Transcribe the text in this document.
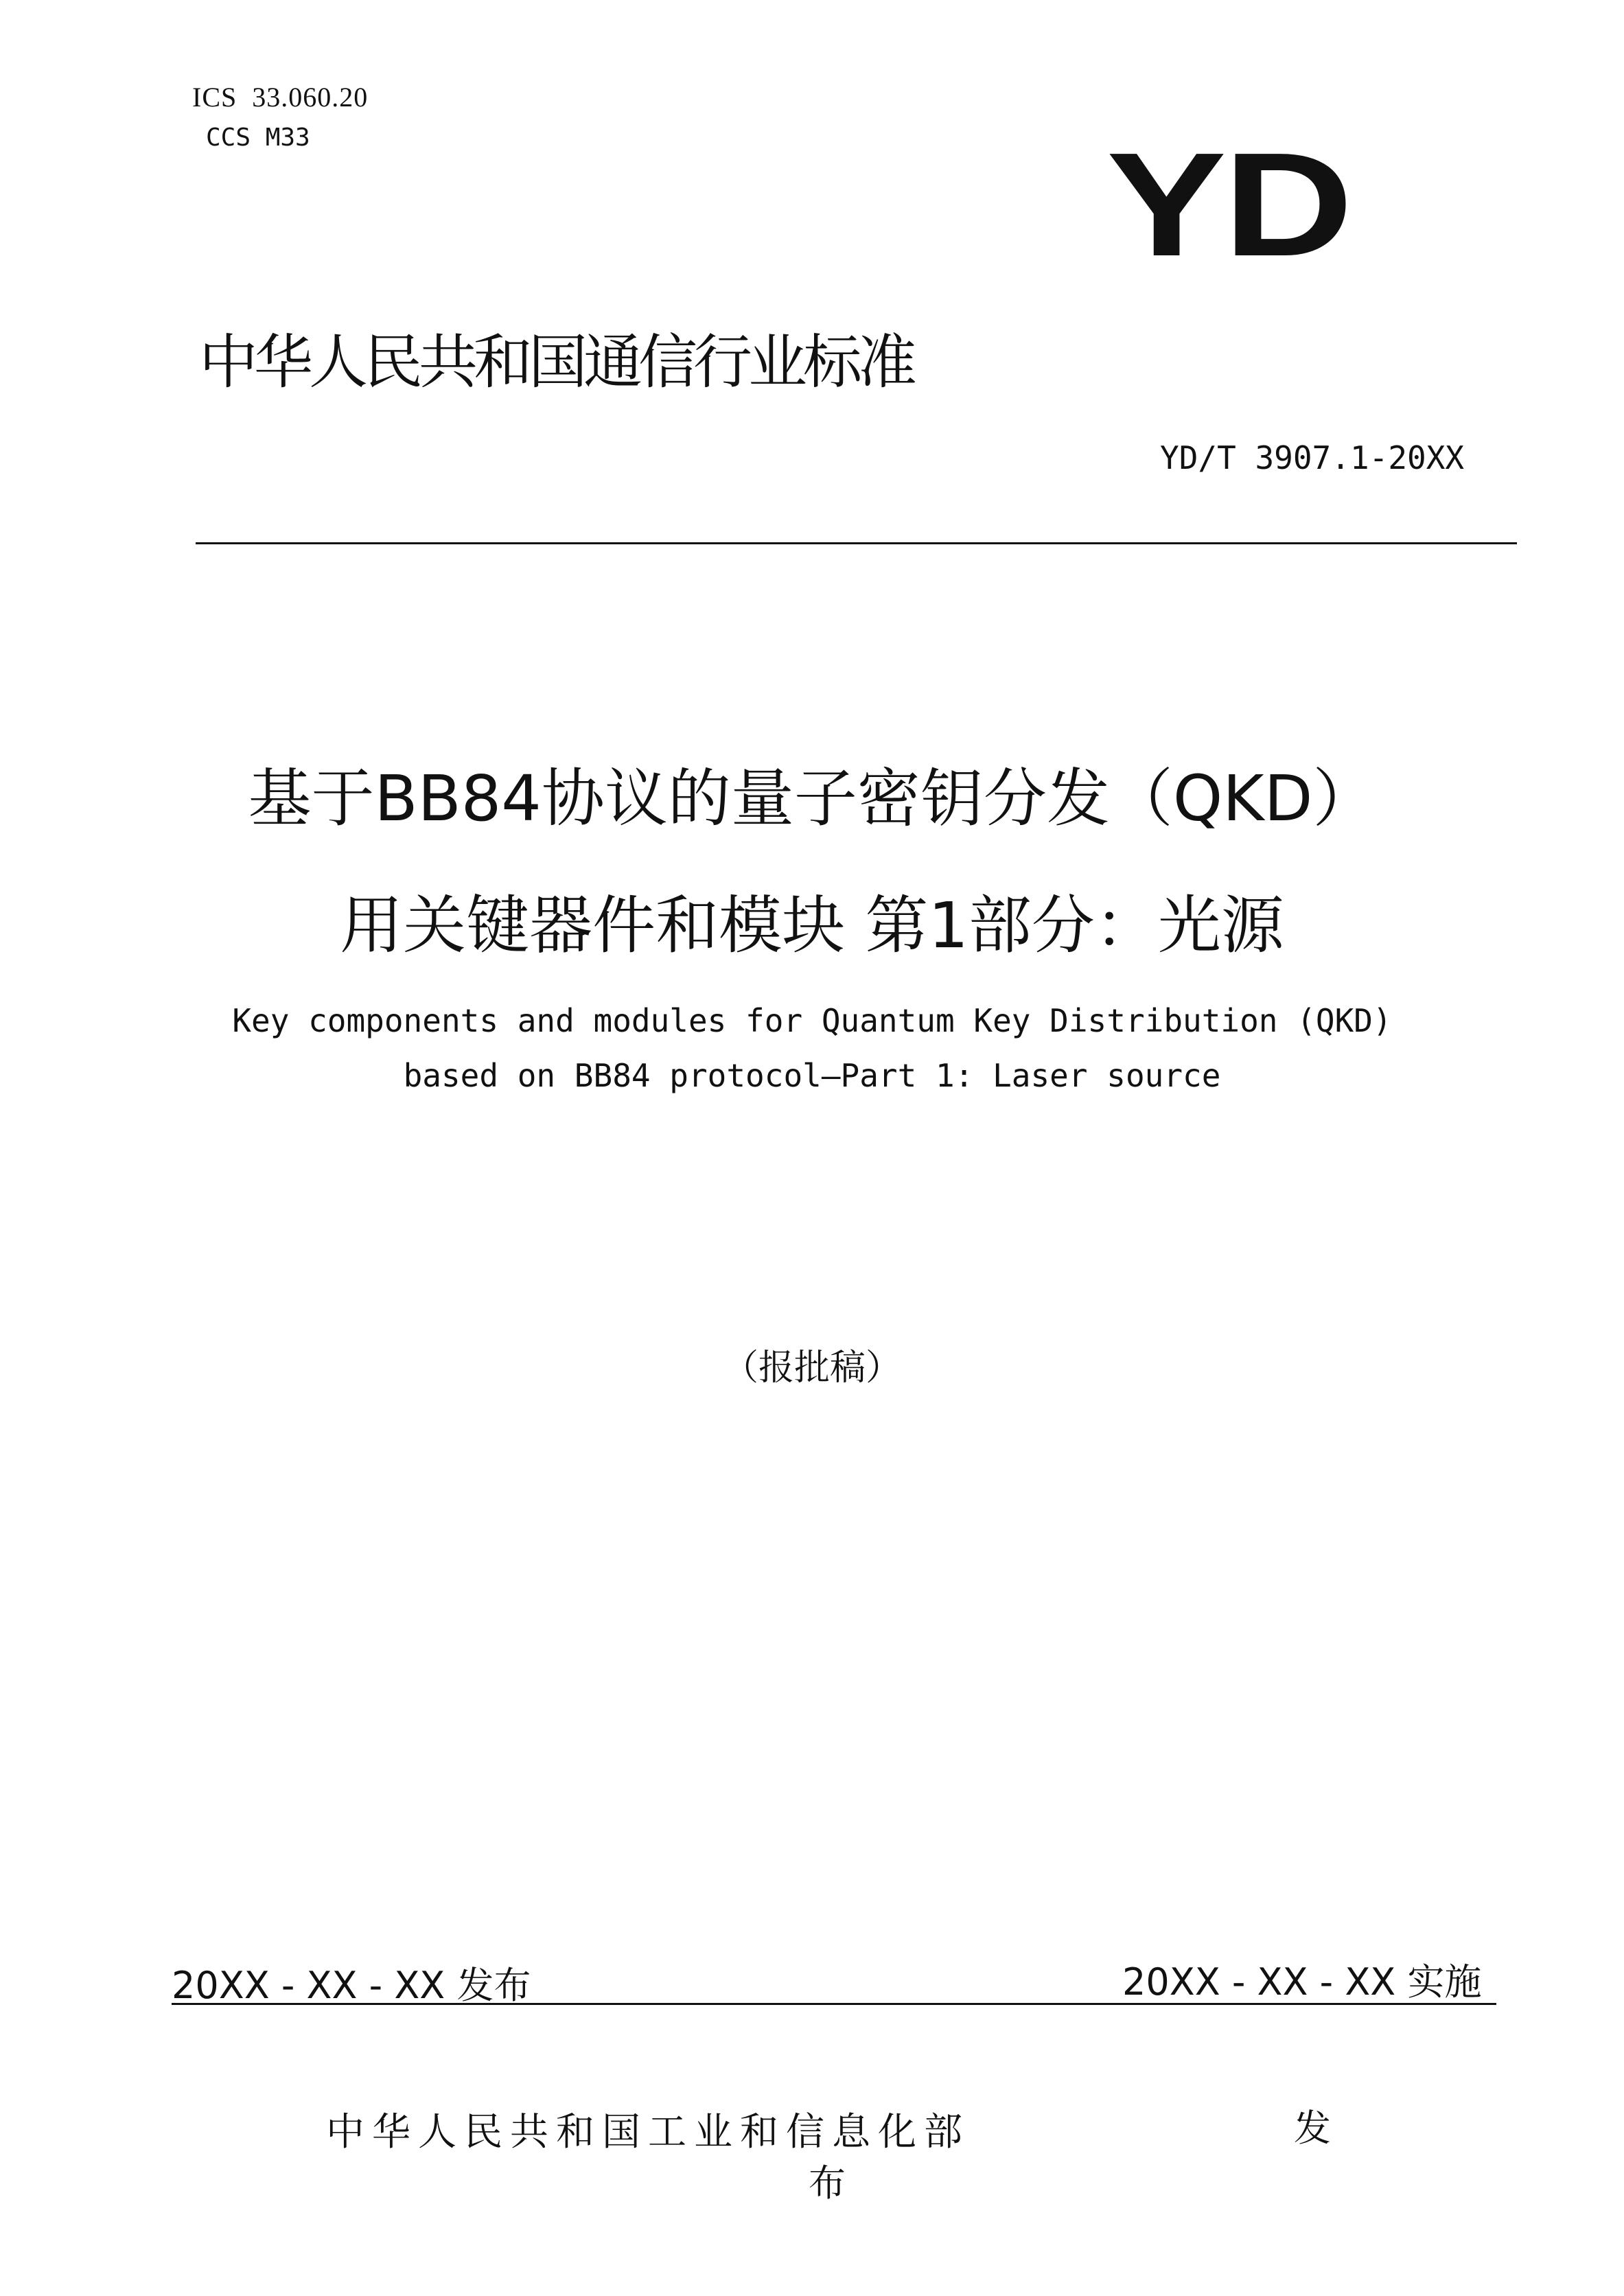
ICS  33.060.20
CCS M33	YD
中华人民共和国通信行业标准
YD/T 3907.1-20XX
基于BB84协议的量子密钥分发（QKD）
用关键器件和模块 第1部分：光源
Key components and modules for Quantum Key Distribution (QKD)
based on BB84 protocol—Part 1: Laser source
（报批稿）
20XX - XX - XX 发布	20XX - XX - XX 实施
中华人民共和国工业和信息化部	发
布
